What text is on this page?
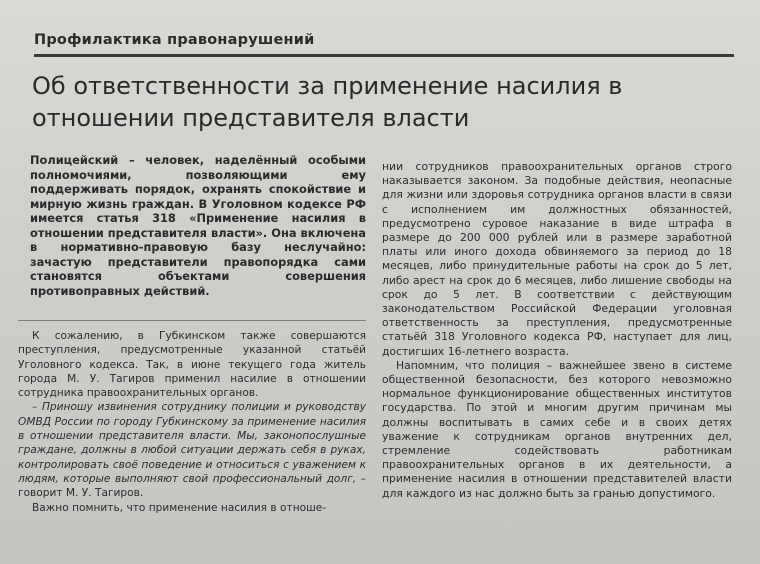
Профилактика правонарушений
Об ответственности за применение насилия в отношении представителя власти

Полицейский – человек, наделённый особыми полномочиями, позволяющими ему поддерживать порядок, охранять спокойствие и мирную жизнь граждан. В Уголовном кодексе РФ имеется статья 318 «Применение насилия в отношении представителя власти». Она включена в нормативно-правовую базу неслучайно: зачастую представители правопорядка сами становятся объектами совершения противоправных действий.

К сожалению, в Губкинском также совершаются преступления, предусмотренные указанной статьёй Уголовного кодекса. Так, в июне текущего года житель города М. У. Тагиров применил насилие в отношении сотрудника правоохранительных органов.

– Приношу извинения сотруднику полиции и руководству ОМВД России по городу Губкинскому за применение насилия в отношении представителя власти. Мы, законопослушные граждане, должны в любой ситуации держать себя в руках, контролировать своё поведение и относиться с уважением к людям, которые выполняют свой профессиональный долг, – говорит М. У. Тагиров.

Важно помнить, что применение насилия в отноше-

нии сотрудников правоохранительных органов строго наказывается законом. За подобные действия, неопасные для жизни или здоровья сотрудника органов власти в связи с исполнением им должностных обязанностей, предусмотрено суровое наказание в виде штрафа в размере до 200 000 рублей или в размере заработной платы или иного дохода обвиняемого за период до 18 месяцев, либо принудительные работы на срок до 5 лет, либо арест на срок до 6 месяцев, либо лишение свободы на срок до 5 лет. В соответствии с действующим законодательством Российской Федерации уголовная ответственность за преступления, предусмотренные статьёй 318 Уголовного кодекса РФ, наступает для лиц, достигших 16-летнего возраста.

Напомним, что полиция – важнейшее звено в системе общественной безопасности, без которого невозможно нормальное функционирование общественных институтов государства. По этой и многим другим причинам мы должны воспитывать в самих себе и в своих детях уважение к сотрудникам органов внутренних дел, стремление содействовать работникам правоохранительных органов в их деятельности, а применение насилия в отношении представителей власти для каждого из нас должно быть за гранью допустимого.
